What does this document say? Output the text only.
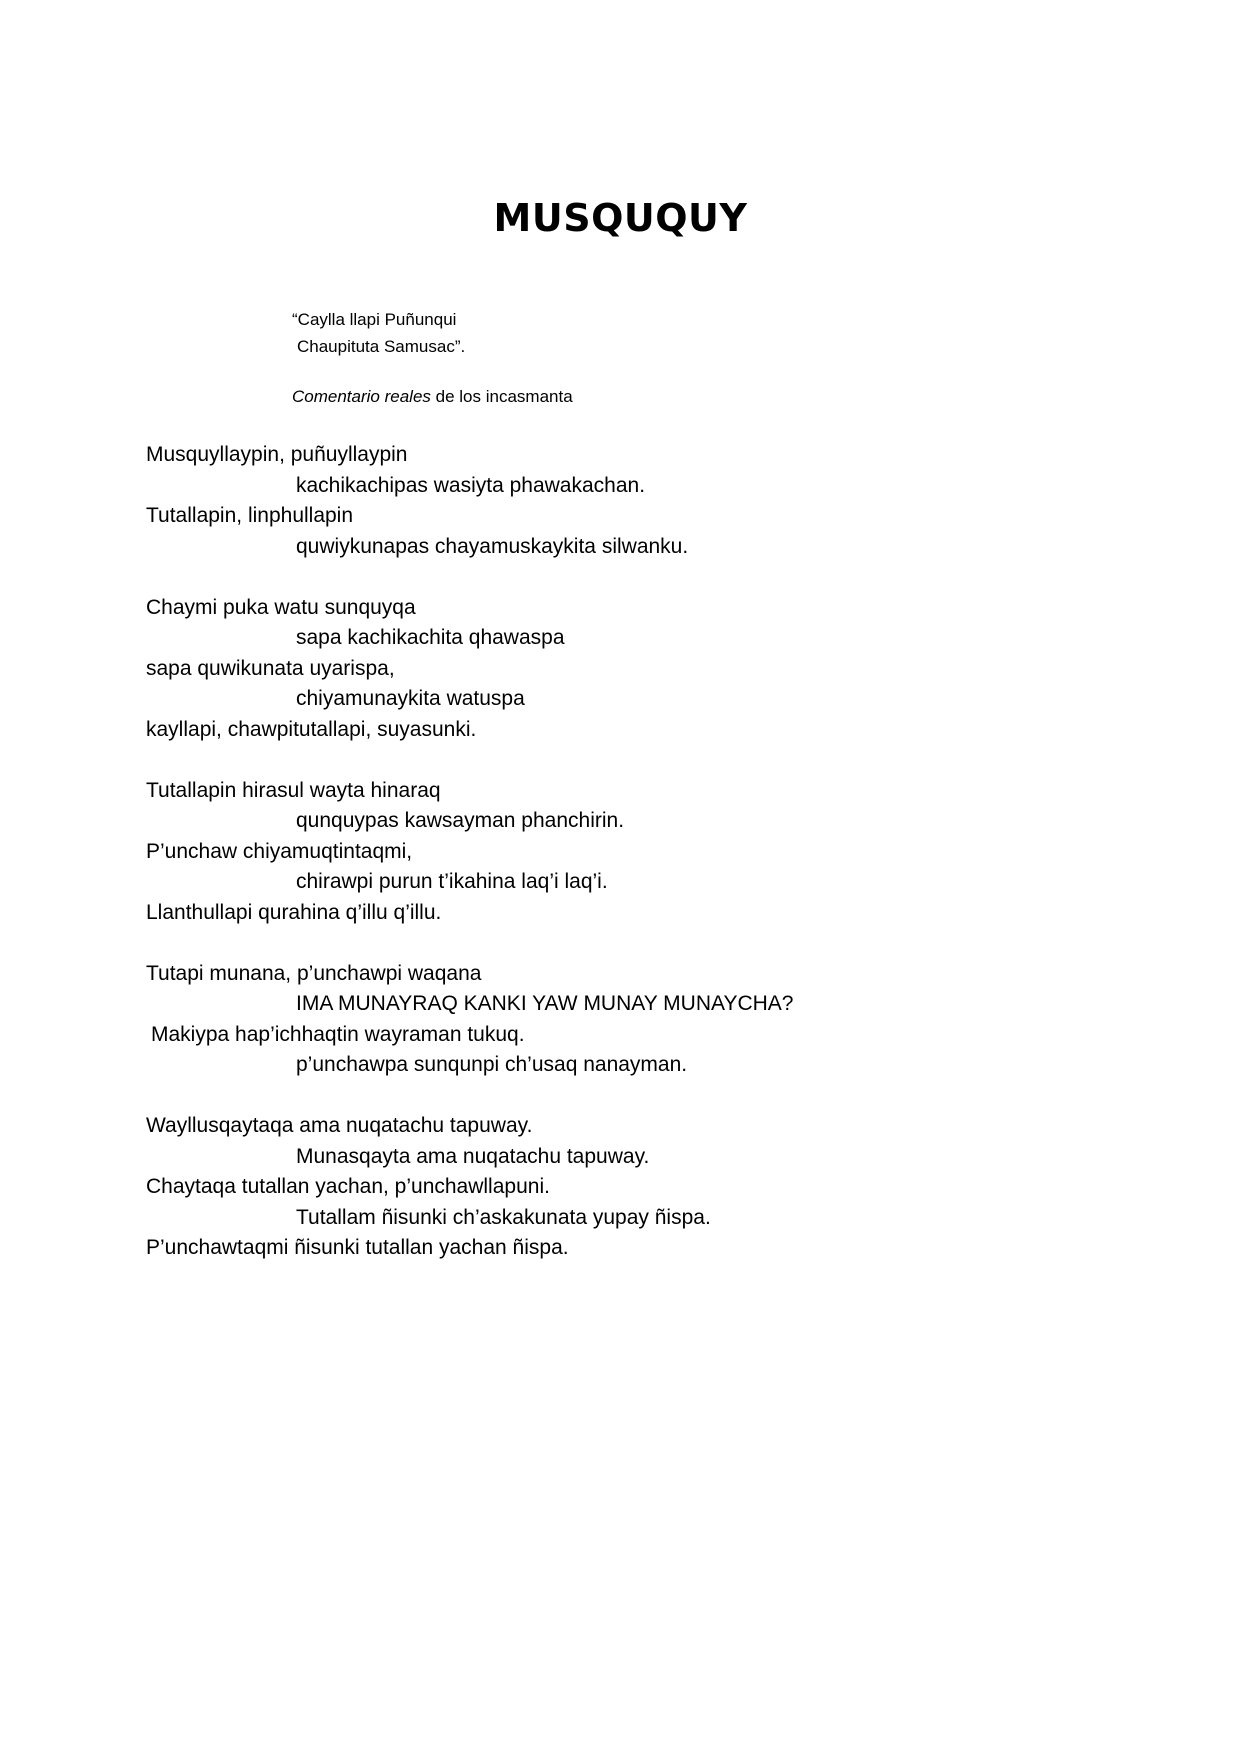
MUSQUQUY
“Caylla llapi Puñunqui
Chaupituta Samusac”.
Comentario reales de los incasmanta
Musquyllaypin, puñuyllaypin
kachikachipas wasiyta phawakachan.
Tutallapin, linphullapin
quwiykunapas chayamuskaykita silwanku.
Chaymi puka watu sunquyqa
sapa kachikachita qhawaspa
sapa quwikunata uyarispa,
chiyamunaykita watuspa
kayllapi, chawpitutallapi, suyasunki.
Tutallapin hirasul wayta hinaraq
qunquypas kawsayman phanchirin.
P’unchaw chiyamuqtintaqmi,
chirawpi purun t’ikahina laq’i laq’i.
Llanthullapi qurahina q’illu q’illu.
Tutapi munana, p’unchawpi waqana
IMA MUNAYRAQ KANKI YAW MUNAY MUNAYCHA?
Makiypa hap’ichhaqtin wayraman tukuq.
p’unchawpa sunqunpi ch’usaq nanayman.
Wayllusqaytaqa ama nuqatachu tapuway.
Munasqayta ama nuqatachu tapuway.
Chaytaqa tutallan yachan, p’unchawllapuni.
Tutallam ñisunki ch’askakunata yupay ñispa.
P’unchawtaqmi ñisunki tutallan yachan ñispa.
